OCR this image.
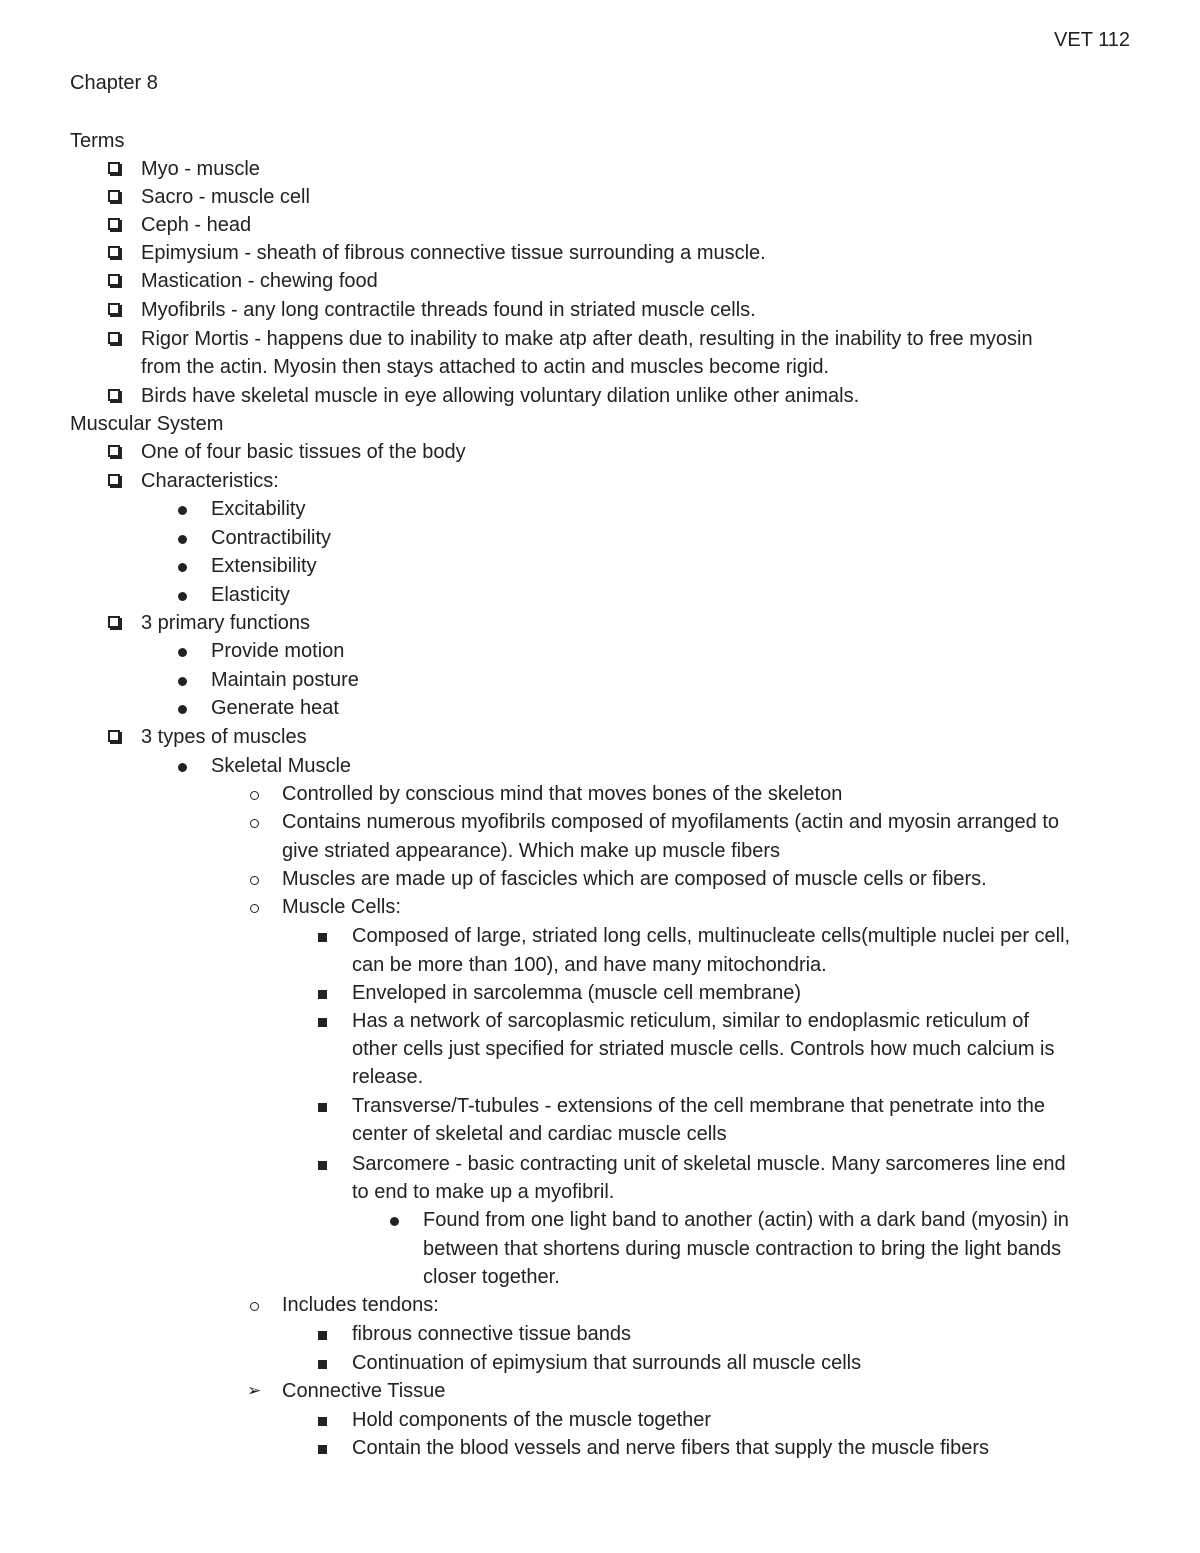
VET 112
Chapter 8
Terms
Myo - muscle
Sacro - muscle cell
Ceph - head
Epimysium - sheath of fibrous connective tissue surrounding a muscle.
Mastication - chewing food
Myofibrils - any long contractile threads found in striated muscle cells.
Rigor Mortis - happens due to inability to make atp after death, resulting in the inability to free myosin
from the actin. Myosin then stays attached to actin and muscles become rigid.
Birds have skeletal muscle in eye allowing voluntary dilation unlike other animals.
Muscular System
One of four basic tissues of the body
Characteristics:
Excitability
Contractibility
Extensibility
Elasticity
3 primary functions
Provide motion
Maintain posture
Generate heat
3 types of muscles
Skeletal Muscle
Controlled by conscious mind that moves bones of the skeleton
Contains numerous myofibrils composed of myofilaments (actin and myosin arranged to
give striated appearance). Which make up muscle fibers
Muscles are made up of fascicles which are composed of muscle cells or fibers.
Muscle Cells:
Composed of large, striated long cells, multinucleate cells(multiple nuclei per cell,
can be more than 100), and have many mitochondria.
Enveloped in sarcolemma (muscle cell membrane)
Has a network of sarcoplasmic reticulum, similar to endoplasmic reticulum of
other cells just specified for striated muscle cells. Controls how much calcium is
release.
Transverse/T-tubules - extensions of the cell membrane that penetrate into the
center of skeletal and cardiac muscle cells
Sarcomere - basic contracting unit of skeletal muscle. Many sarcomeres line end
to end to make up a myofibril.
Found from one light band to another (actin) with a dark band (myosin) in
between that shortens during muscle contraction to bring the light bands
closer together.
Includes tendons:
fibrous connective tissue bands
Continuation of epimysium that surrounds all muscle cells
➢ Connective Tissue
Hold components of the muscle together
Contain the blood vessels and nerve fibers that supply the muscle fibers
